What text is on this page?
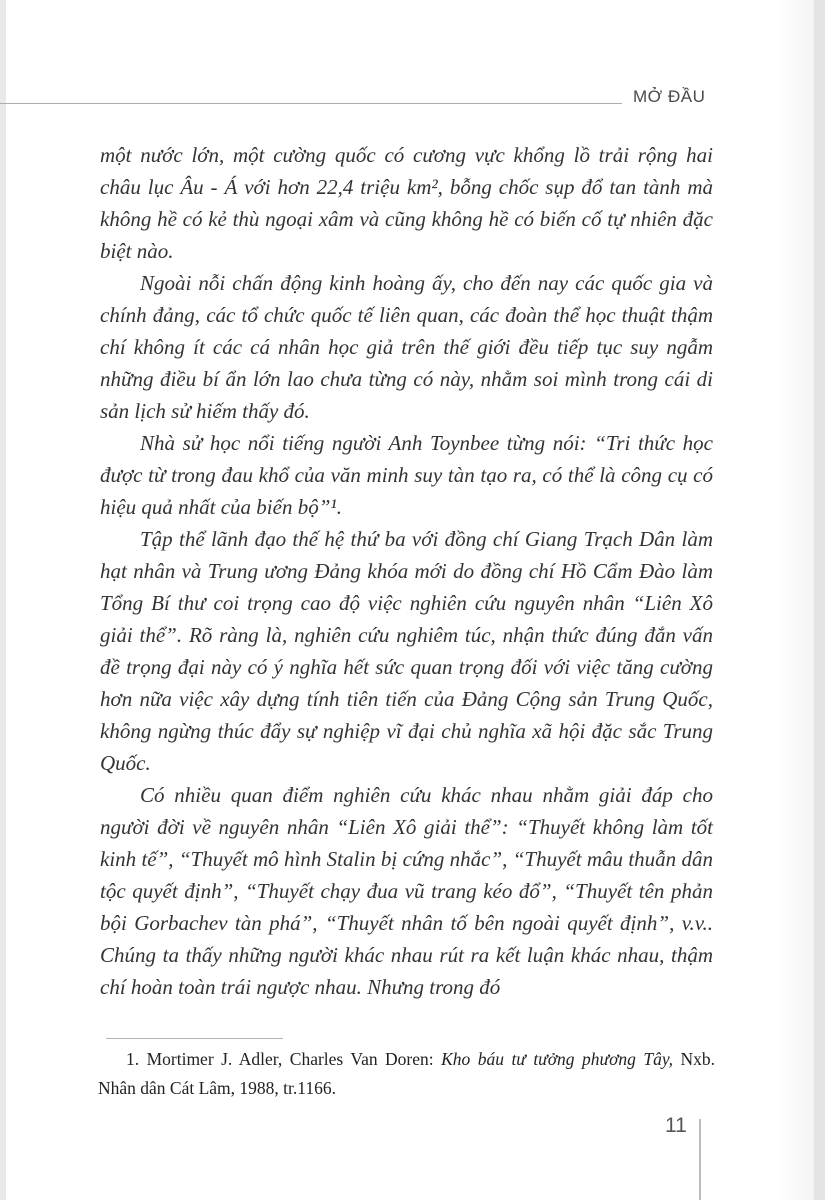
MỞ ĐẦU

một nước lớn, một cường quốc có cương vực khổng lồ trải rộng hai châu lục Âu - Á với hơn 22,4 triệu km², bỗng chốc sụp đổ tan tành mà không hề có kẻ thù ngoại xâm và cũng không hề có biến cố tự nhiên đặc biệt nào.

Ngoài nỗi chấn động kinh hoàng ấy, cho đến nay các quốc gia và chính đảng, các tổ chức quốc tế liên quan, các đoàn thể học thuật thậm chí không ít các cá nhân học giả trên thế giới đều tiếp tục suy ngẫm những điều bí ẩn lớn lao chưa từng có này, nhằm soi mình trong cái di sản lịch sử hiếm thấy đó.

Nhà sử học nổi tiếng người Anh Toynbee từng nói: “Tri thức học được từ trong đau khổ của văn minh suy tàn tạo ra, có thể là công cụ có hiệu quả nhất của biến bộ”¹.

Tập thể lãnh đạo thế hệ thứ ba với đồng chí Giang Trạch Dân làm hạt nhân và Trung ương Đảng khóa mới do đồng chí Hồ Cẩm Đào làm Tổng Bí thư coi trọng cao độ việc nghiên cứu nguyên nhân “Liên Xô giải thể”. Rõ ràng là, nghiên cứu nghiêm túc, nhận thức đúng đắn vấn đề trọng đại này có ý nghĩa hết sức quan trọng đối với việc tăng cường hơn nữa việc xây dựng tính tiên tiến của Đảng Cộng sản Trung Quốc, không ngừng thúc đẩy sự nghiệp vĩ đại chủ nghĩa xã hội đặc sắc Trung Quốc.

Có nhiều quan điểm nghiên cứu khác nhau nhằm giải đáp cho người đời về nguyên nhân “Liên Xô giải thể”: “Thuyết không làm tốt kinh tế”, “Thuyết mô hình Stalin bị cứng nhắc”, “Thuyết mâu thuẫn dân tộc quyết định”, “Thuyết chạy đua vũ trang kéo đổ”, “Thuyết tên phản bội Gorbachev tàn phá”, “Thuyết nhân tố bên ngoài quyết định”, v.v.. Chúng ta thấy những người khác nhau rút ra kết luận khác nhau, thậm chí hoàn toàn trái ngược nhau. Nhưng trong đó

1. Mortimer J. Adler, Charles Van Doren: Kho báu tư tưởng phương Tây, Nxb. Nhân dân Cát Lâm, 1988, tr.1166.
11
